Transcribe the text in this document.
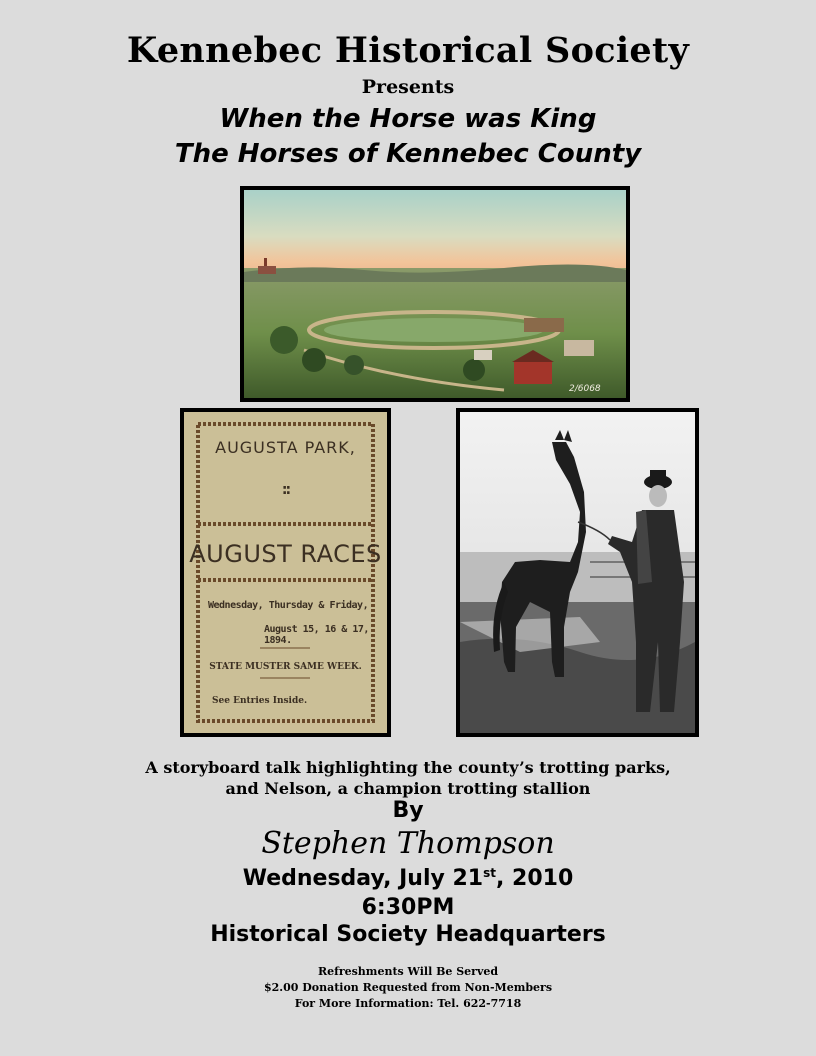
Kennebec Historical Society
Presents
When the Horse was King
The Horses of Kennebec County
2/6068
AUGUSTA PARK,
::
AUGUST RACES
Wednesday, Thursday & Friday,
August 15, 16 & 17, 1894.
STATE MUSTER SAME WEEK.
See Entries Inside.
A storyboard talk highlighting the county’s trotting parks,
and Nelson, a champion trotting stallion
By
Stephen Thompson
Wednesday, July 21st, 2010
6:30PM
Historical Society Headquarters
Refreshments Will Be Served
$2.00 Donation Requested from Non-Members
For More Information: Tel. 622-7718
